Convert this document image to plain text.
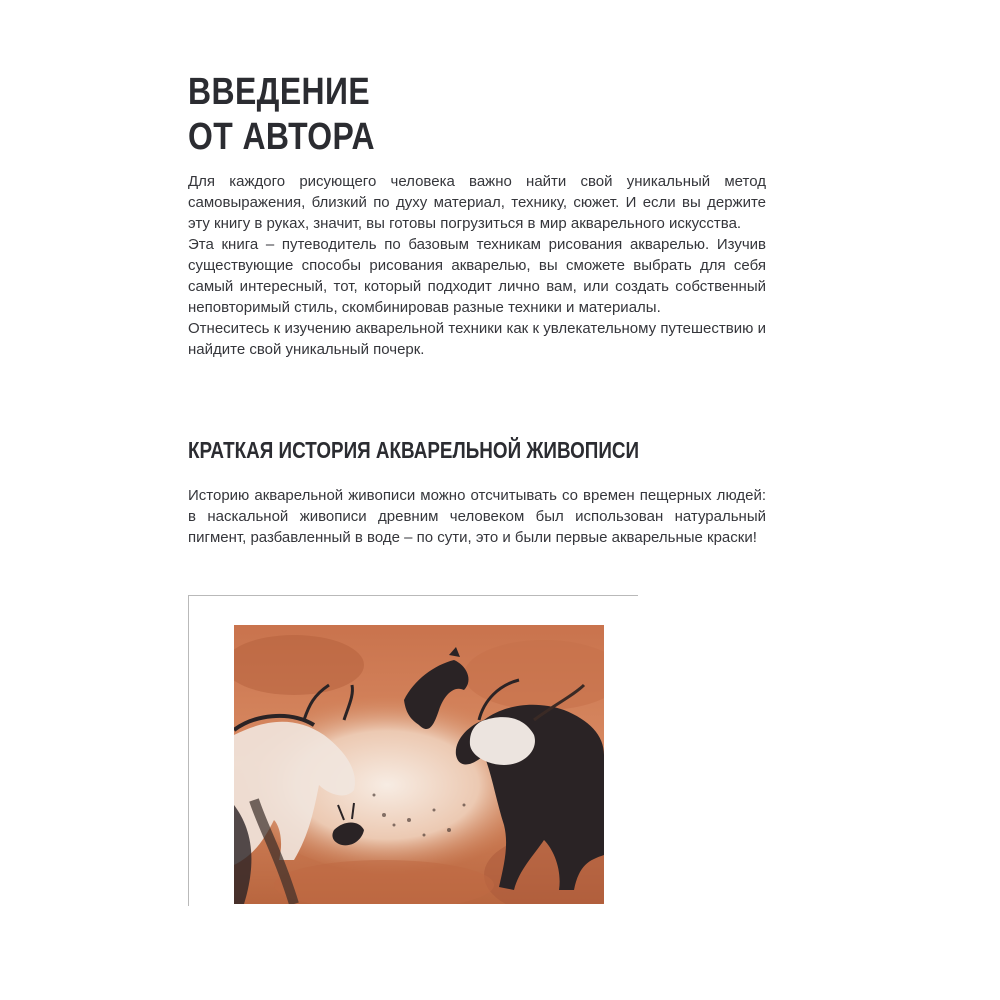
ВВЕДЕНИЕ
ОТ АВТОРА

Для каждого рисующего человека важно найти свой уникальный метод самовыражения, близкий по духу материал, технику, сюжет. И если вы держите эту книгу в руках, значит, вы готовы погрузиться в мир акварельного искусства.

Эта книга – путеводитель по базовым техникам рисования акварелью. Изучив существующие способы рисования акварелью, вы сможете выбрать для себя самый интересный, тот, который подходит лично вам, или создать собственный неповторимый стиль, скомбинировав разные техники и материалы.

Отнеситесь к изучению акварельной техники как к увлекательному путешествию и найдите свой уникальный почерк.

КРАТКАЯ ИСТОРИЯ АКВАРЕЛЬНОЙ ЖИВОПИСИ

Историю акварельной живописи можно отсчитывать со времен пещерных людей: в наскальной живописи древним человеком был использован натуральный пигмент, разбавленный в воде – по сути, это и были первые акварельные краски!
